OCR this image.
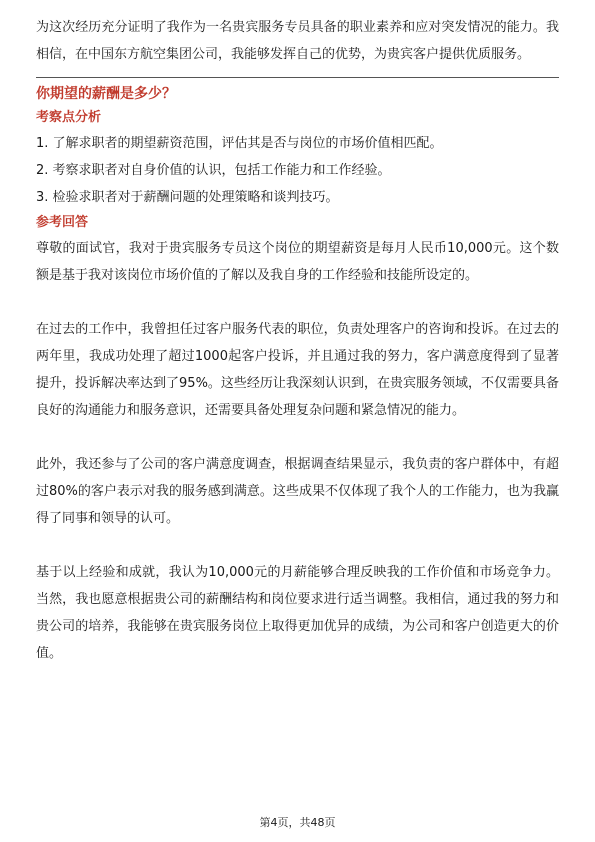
为这次经历充分证明了我作为一名贵宾服务专员具备的职业素养和应对突发情况的能力。我相信，在中国东方航空集团公司，我能够发挥自己的优势，为贵宾客户提供优质服务。

你期望的薪酬是多少？

考察点分析

1. 了解求职者的期望薪资范围，评估其是否与岗位的市场价值相匹配。

2. 考察求职者对自身价值的认识，包括工作能力和工作经验。

3. 检验求职者对于薪酬问题的处理策略和谈判技巧。

参考回答

尊敬的面试官，我对于贵宾服务专员这个岗位的期望薪资是每月人民币10,000元。这个数额是基于我对该岗位市场价值的了解以及我自身的工作经验和技能所设定的。

在过去的工作中，我曾担任过客户服务代表的职位，负责处理客户的咨询和投诉。在过去的两年里，我成功处理了超过1000起客户投诉，并且通过我的努力，客户满意度得到了显著提升，投诉解决率达到了95%。这些经历让我深刻认识到，在贵宾服务领域，不仅需要具备良好的沟通能力和服务意识，还需要具备处理复杂问题和紧急情况的能力。

此外，我还参与了公司的客户满意度调查，根据调查结果显示，我负责的客户群体中，有超过80%的客户表示对我的服务感到满意。这些成果不仅体现了我个人的工作能力，也为我赢得了同事和领导的认可。

基于以上经验和成就，我认为10,000元的月薪能够合理反映我的工作价值和市场竞争力。当然，我也愿意根据贵公司的薪酬结构和岗位要求进行适当调整。我相信，通过我的努力和贵公司的培养，我能够在贵宾服务岗位上取得更加优异的成绩，为公司和客户创造更大的价值。

第4页，共48页
